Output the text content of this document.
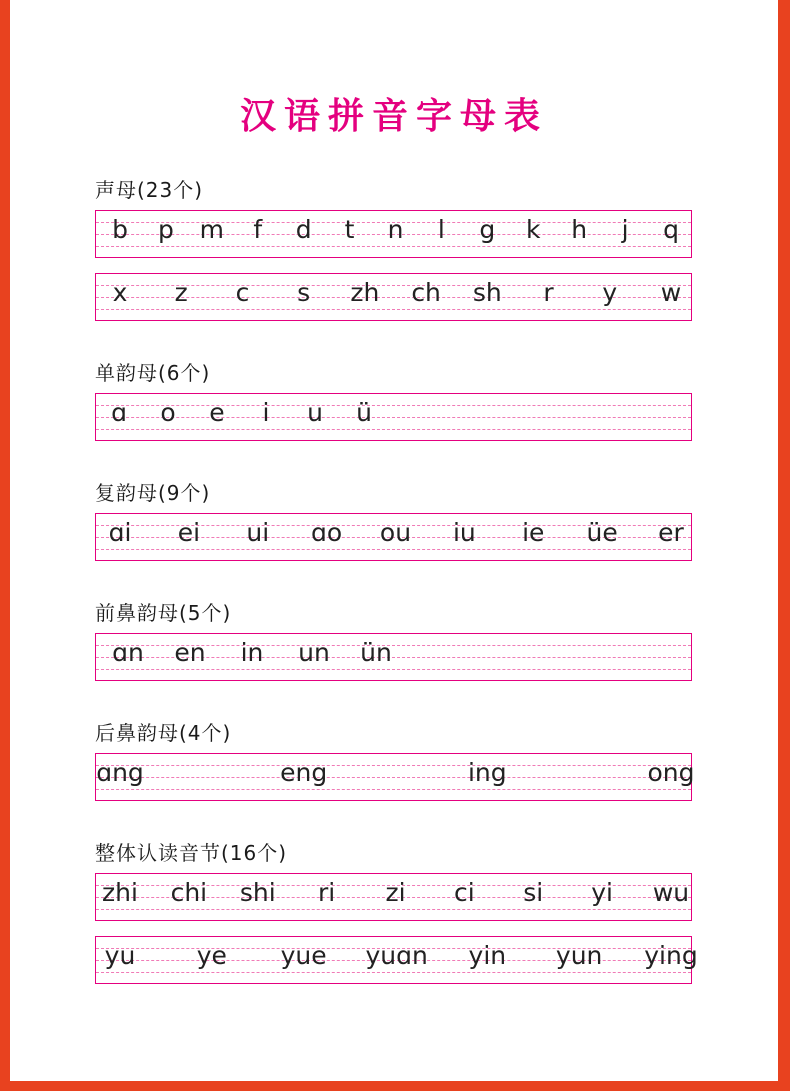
汉语拼音字母表
声母(23个)
b	p	m	f	d	t	n	l	g	k	h	j	q
x	z	c	s	zh	ch	sh	r	y	w
单韵母(6个)
ɑ	o	e	i	u	ü
复韵母(9个)
ɑi	ei	ui	ɑo	ou	iu	ie	üe	er
前鼻韵母(5个)
ɑn	en	in	un	ün
后鼻韵母(4个)
ɑng	eng	ing	ong
整体认读音节(16个)
zhi	chi	shi	ri	zi	ci	si	yi	wu
yu	ye	yue yuɑn	yin	yun ying
